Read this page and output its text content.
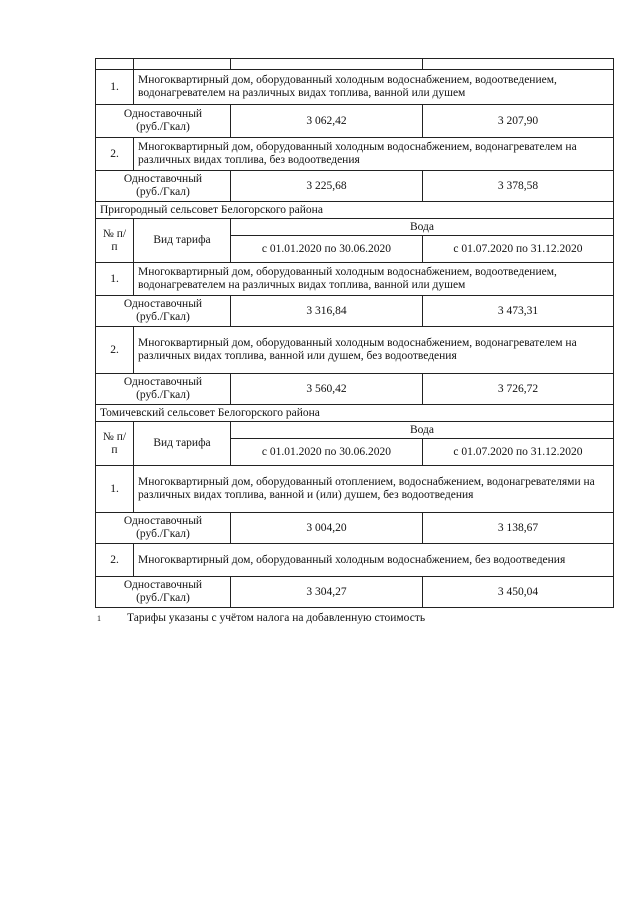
1.	Многоквартирный дом, оборудованный холодным водоснабжением, водоотведением, водонагревателем на различных видах топлива, ванной или душем		

Одноставочный
(руб./Гкал)		3 062,42	3 207,90
2.	Многоквартирный дом, оборудованный холодным водоснабжением, водонагревателем на различных видах топлива, без водоотведения		

Одноставочный
(руб./Гкал)		3 225,68	3 378,58
Пригородный сельсовет Белогорского района			
№ п/п	Вид тарифа	Вода	
		с 01.01.2020 по 30.06.2020	с 01.07.2020 по 31.12.2020
1.	Многоквартирный дом, оборудованный холодным водоснабжением, водоотведением, водонагревателем на различных видах топлива, ванной или душем		

Одноставочный
(руб./Гкал)		3 316,84	3 473,31
2.	Многоквартирный дом, оборудованный холодным водоснабжением, водонагревателем на различных видах топлива, ванной или душем, без водоотведения		

Одноставочный
(руб./Гкал)		3 560,42	3 726,72
Томичевский сельсовет Белогорского района			
№ п/п	Вид тарифа	Вода	
		с 01.01.2020 по 30.06.2020	с 01.07.2020 по 31.12.2020
1.	Многоквартирный дом, оборудованный отоплением, водоснабжением, водонагревателями на различных видах топлива, ванной и (или) душем, без водоотведения		

Одноставочный
(руб./Гкал)		3 004,20	3 138,67
2.	Многоквартирный дом, оборудованный холодным водоснабжением, без водоотведения		

Одноставочный
(руб./Гкал)		3 304,27	3 450,04
1 Тарифы указаны с учётом налога на добавленную стоимость
